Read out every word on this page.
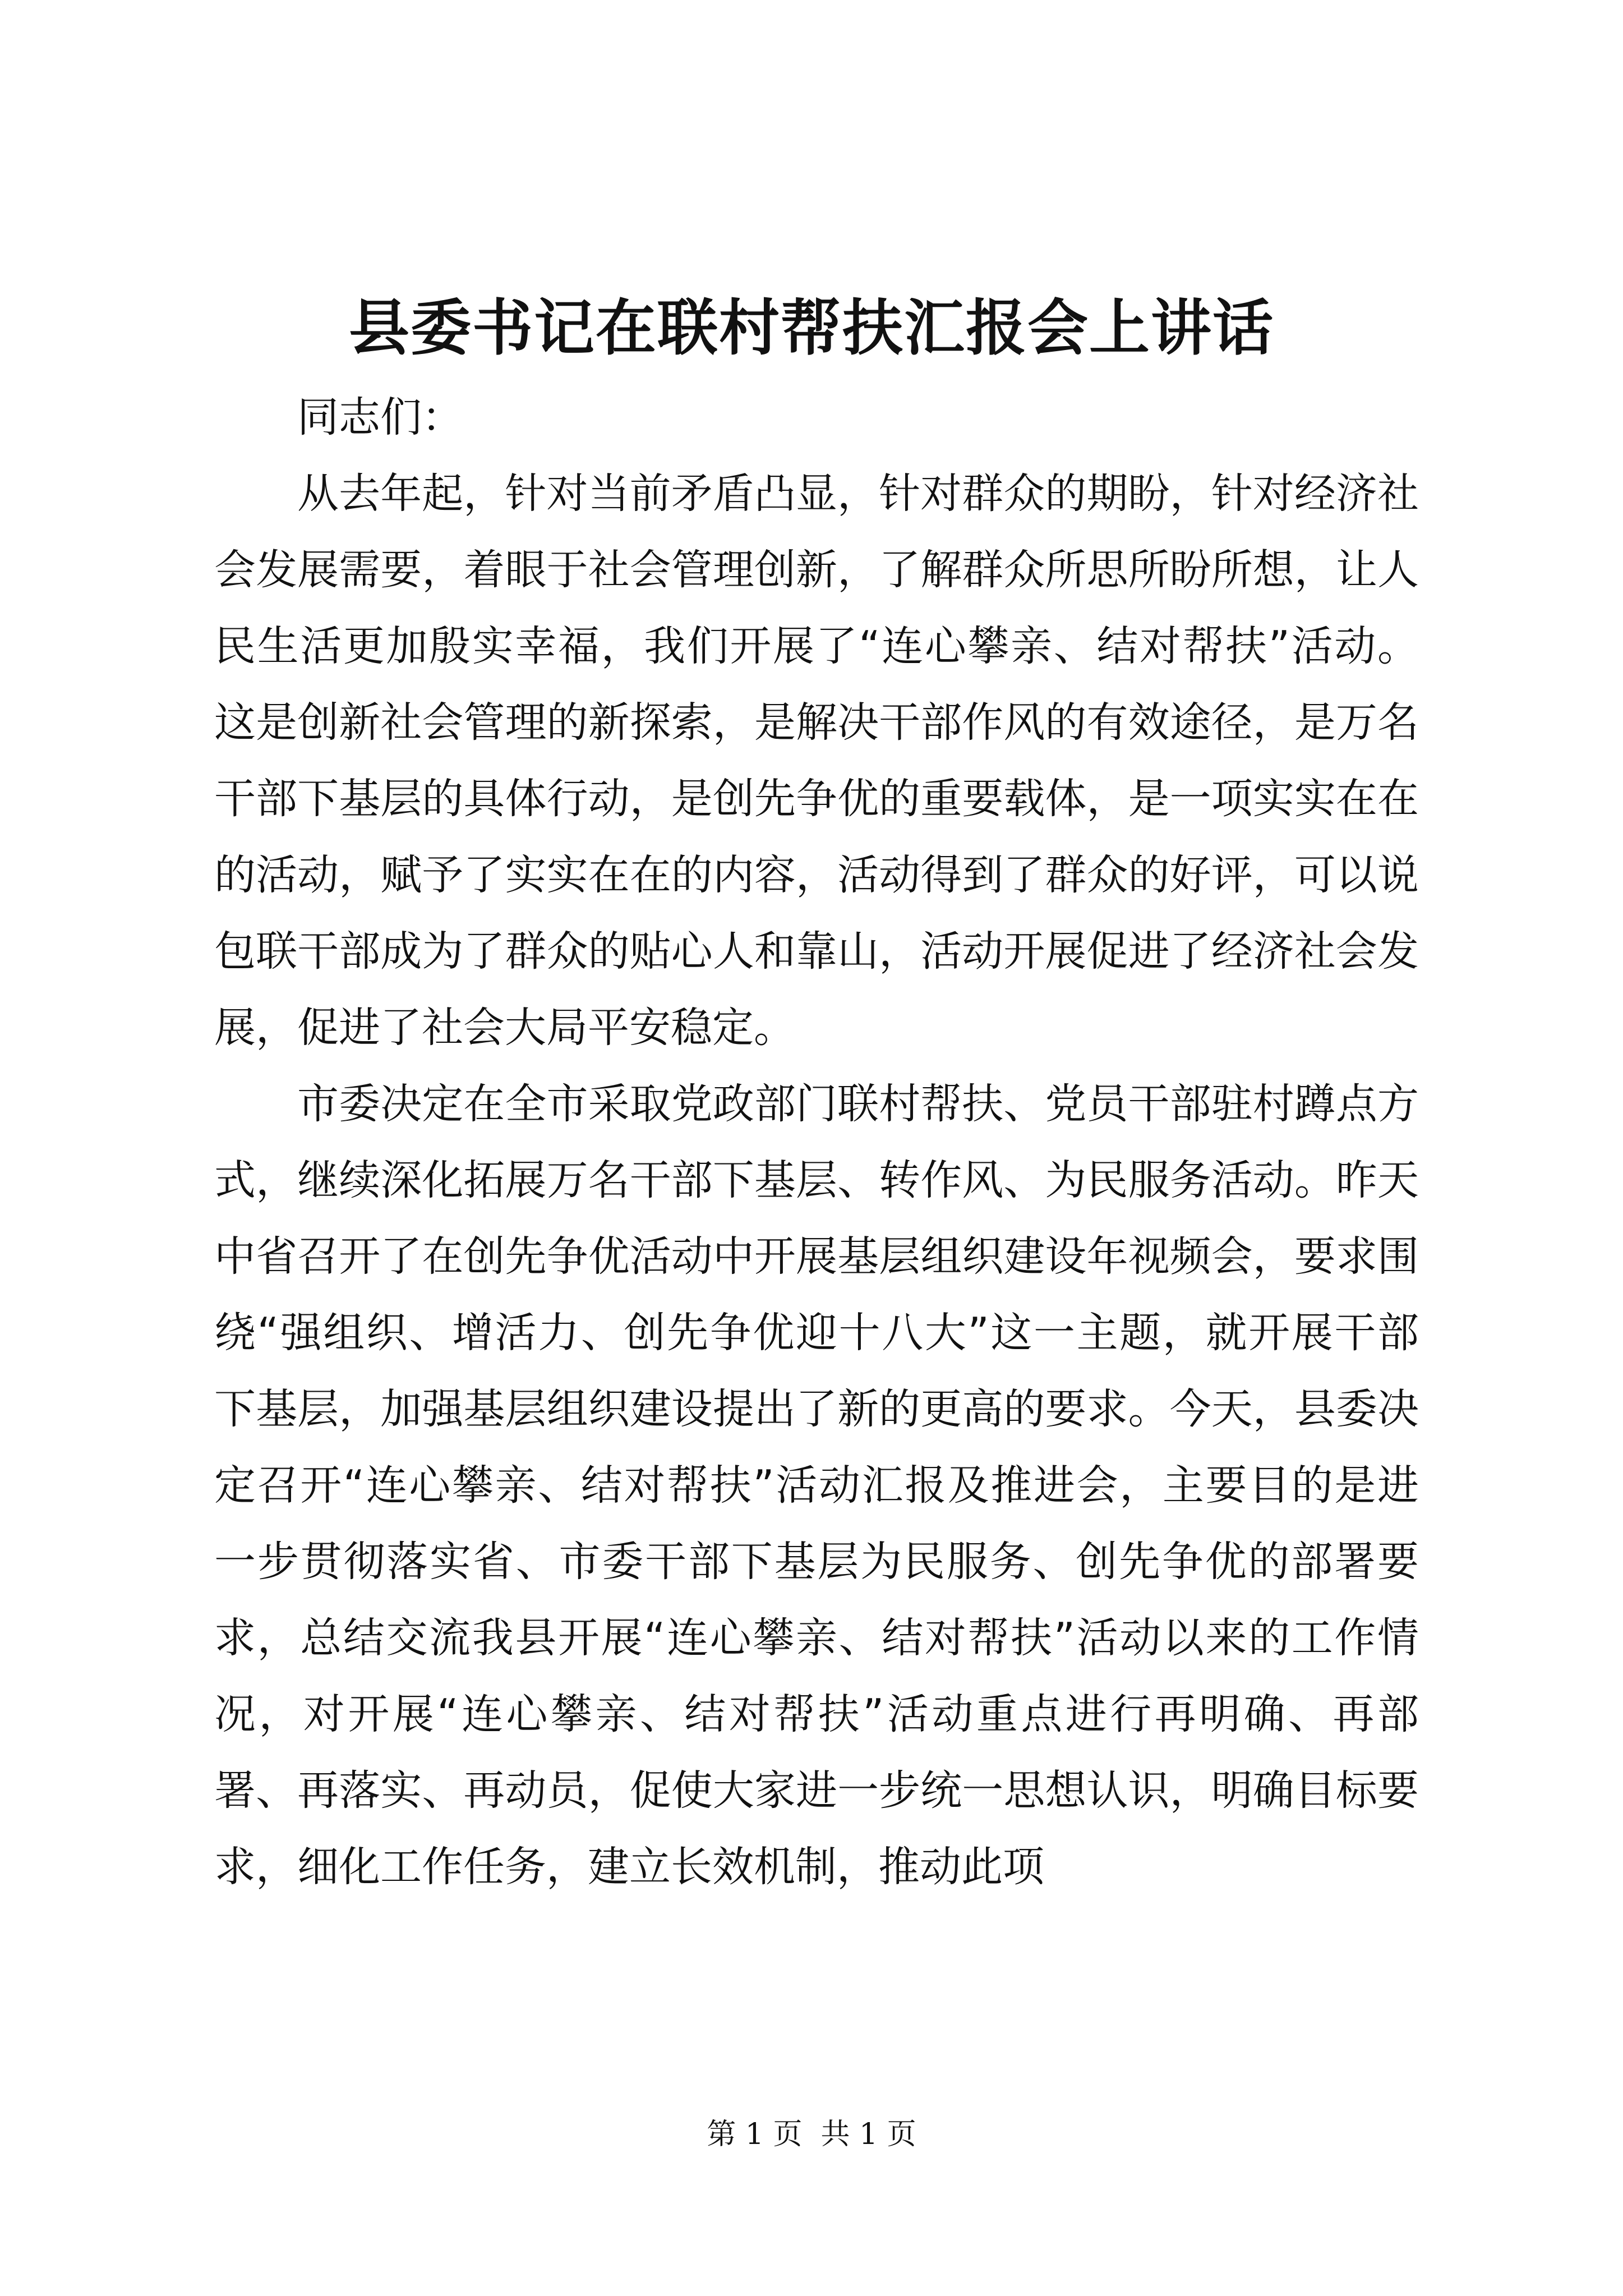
县委书记在联村帮扶汇报会上讲话

同志们：

从去年起，针对当前矛盾凸显，针对群众的期盼，针对经济社会发展需要，着眼于社会管理创新，了解群众所思所盼所想，让人民生活更加殷实幸福，我们开展了“连心攀亲、结对帮扶”活动。这是创新社会管理的新探索，是解决干部作风的有效途径，是万名干部下基层的具体行动，是创先争优的重要载体，是一项实实在在的活动，赋予了实实在在的内容，活动得到了群众的好评，可以说包联干部成为了群众的贴心人和靠山，活动开展促进了经济社会发展，促进了社会大局平安稳定。

市委决定在全市采取党政部门联村帮扶、党员干部驻村蹲点方式，继续深化拓展万名干部下基层、转作风、为民服务活动。昨天中省召开了在创先争优活动中开展基层组织建设年视频会，要求围绕“强组织、增活力、创先争优迎十八大”这一主题，就开展干部下基层，加强基层组织建设提出了新的更高的要求。今天，县委决定召开“连心攀亲、结对帮扶”活动汇报及推进会，主要目的是进一步贯彻落实省、市委干部下基层为民服务、创先争优的部署要求，总结交流我县开展“连心攀亲、结对帮扶”活动以来的工作情况，对开展“连心攀亲、结对帮扶”活动重点进行再明确、再部署、再落实、再动员，促使大家进一步统一思想认识，明确目标要求，细化工作任务，建立长效机制，推动此项

第 1 页  共 1 页
